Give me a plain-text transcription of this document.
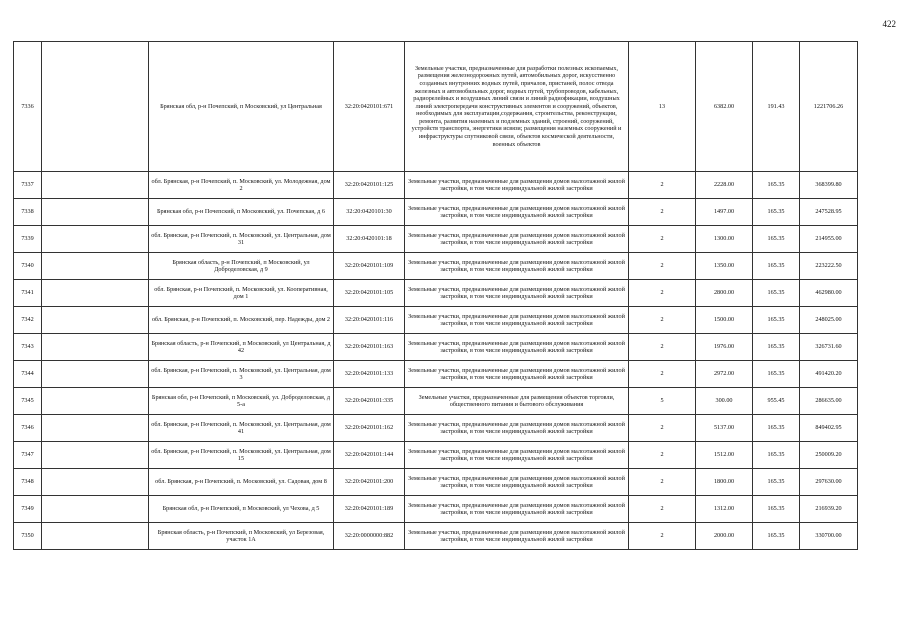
422
7336		Брянская обл, р-н Почепский, п Московский, ул Центральная	32:20:0420101:671	Земельные участки, предназначенные для разработки полезных ископаемых, размещения железнодорожных путей, автомобильных дорог, искусственно созданных внутренних водных путей, причалов, пристаней, полос отвода железных и автомобильных дорог, водных путей, трубопроводов, кабельных, радиорелейных и воздушных линий связи и линий радиофикации, воздушных линий электропередачи конструктивных элементов и сооружений, объектов, необходимых для эксплуатации,содержания, строительства, реконструкции, ремонта, развития наземных и подземных зданий, строений, сооружений, устройств транспорта, энергетики исвязи; размещения наземных сооружений и инфраструктуры спутниковой связи, объектов космической деятельности, военных объектов	13	6382.00	191.43	1221706.26
7337		обл. Брянская, р-н Почепский, п. Московский, ул. Молодежная, дом 2	32:20:0420101:125	Земельные участки, предназначенные для размещения домов малоэтажной жилой застройки, в том числе индивидуальной жилой застройки	2	2228.00	165.35	368399.80
7338		Брянская обл, р-н Почепский, п Московский, ул. Почепская, д 6	32:20:0420101:30	Земельные участки, предназначенные для размещения домов малоэтажной жилой застройки, в том числе индивидуальной жилой застройки	2	1497.00	165.35	247528.95
7339		обл. Брянская, р-н Почепский, п. Московский, ул. Центральная, дом 31	32:20:0420101:18	Земельные участки, предназначенные для размещения домов малоэтажной жилой застройки, в том числе индивидуальной жилой застройки	2	1300.00	165.35	214955.00
7340		Брянская область, р-н Почепский, п Московский, ул Доброделовская, д 9	32:20:0420101:109	Земельные участки, предназначенные для размещения домов малоэтажной жилой застройки, в том числе индивидуальной жилой застройки	2	1350.00	165.35	223222.50
7341		обл. Брянская, р-н Почепский, п. Московский, ул. Кооперативная, дом 1	32:20:0420101:105	Земельные участки, предназначенные для размещения домов малоэтажной жилой застройки, в том числе индивидуальной жилой застройки	2	2800.00	165.35	462980.00
7342		обл. Брянская, р-н Почепский, п. Московский, пер. Надежды, дом 2	32:20:0420101:116	Земельные участки, предназначенные для размещения домов малоэтажной жилой застройки, в том числе индивидуальной жилой застройки	2	1500.00	165.35	248025.00
7343		Брянская область, р-н Почепский, п Московский, ул Центральная, д 42	32:20:0420101:163	Земельные участки, предназначенные для размещения домов малоэтажной жилой застройки, в том числе индивидуальной жилой застройки	2	1976.00	165.35	326731.60
7344		обл. Брянская, р-н Почепский, п. Московский, ул. Центральная, дом 3	32:20:0420101:133	Земельные участки, предназначенные для размещения домов малоэтажной жилой застройки, в том числе индивидуальной жилой застройки	2	2972.00	165.35	491420.20
7345		Брянская обл, р-н Почепский, п Московский, ул. Доброделовская, д 5-а	32:20:0420101:335	Земельные участки, предназначенные для размещения объектов торговли, общественного питания и бытового обслуживания	5	300.00	955.45	286635.00
7346		обл. Брянская, р-н Почепский, п. Московский, ул. Центральная, дом 41	32:20:0420101:162	Земельные участки, предназначенные для размещения домов малоэтажной жилой застройки, в том числе индивидуальной жилой застройки	2	5137.00	165.35	849402.95
7347		обл. Брянская, р-н Почепский, п. Московский, ул. Центральная, дом 15	32:20:0420101:144	Земельные участки, предназначенные для размещения домов малоэтажной жилой застройки, в том числе индивидуальной жилой застройки	2	1512.00	165.35	250009.20
7348		обл. Брянская, р-н Почепский, п. Московский, ул. Садовая, дом 8	32:20:0420101:200	Земельные участки, предназначенные для размещения домов малоэтажной жилой застройки, в том числе индивидуальной жилой застройки	2	1800.00	165.35	297630.00
7349		Брянская обл, р-н Почепский, п Московский, ул Чехова, д 5	32:20:0420101:189	Земельные участки, предназначенные для размещения домов малоэтажной жилой застройки, в том числе индивидуальной жилой застройки	2	1312.00	165.35	216939.20
7350		Брянская область, р-н Почепский, п Московский, ул Березовая, участок 1А	32:20:0000000:882	Земельные участки, предназначенные для размещения домов малоэтажной жилой застройки, в том числе индивидуальной жилой застройки	2	2000.00	165.35	330700.00
